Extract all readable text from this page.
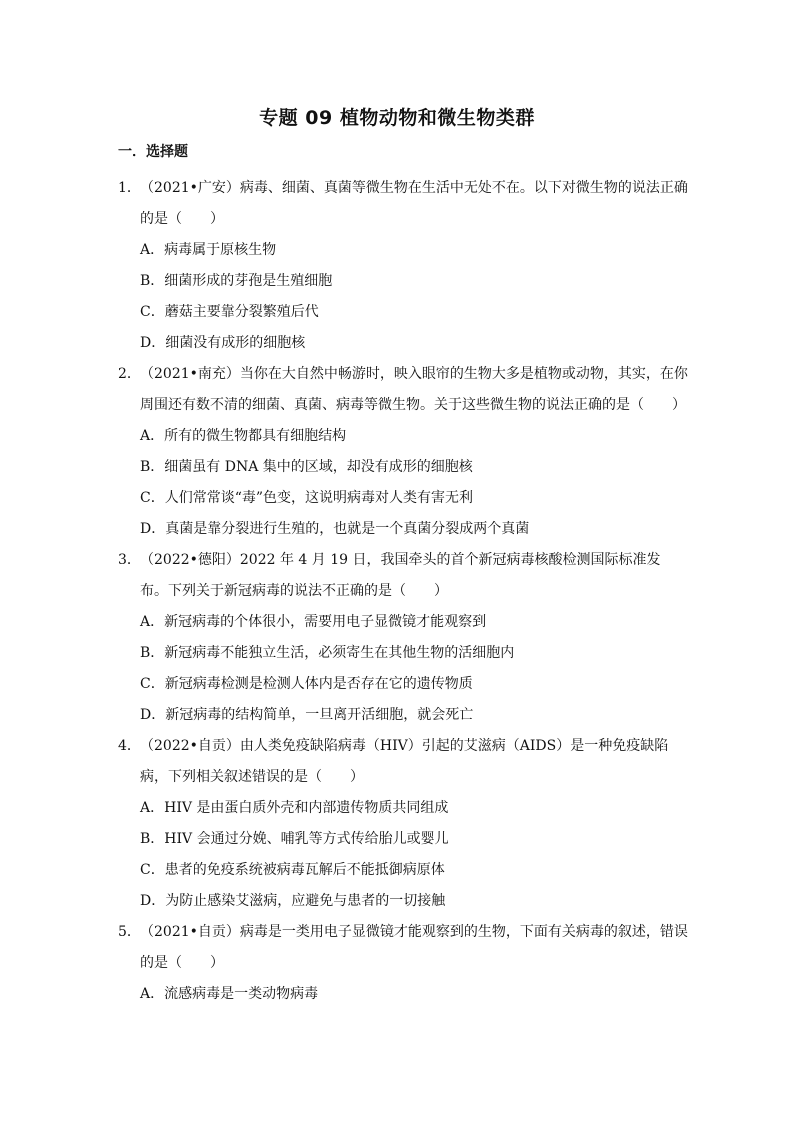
专题 09 植物动物和微生物类群
一．选择题
1． （2021•广安）病毒、细菌、真菌等微生物在生活中无处不在。以下对微生物的说法正确的是（　　）
A．病毒属于原核生物
B．细菌形成的芽孢是生殖细胞
C．蘑菇主要靠分裂繁殖后代
D．细菌没有成形的细胞核
2． （2021•南充）当你在大自然中畅游时，映入眼帘的生物大多是植物或动物，其实，在你周围还有数不清的细菌、真菌、病毒等微生物。关于这些微生物的说法正确的是（　　）
A．所有的微生物都具有细胞结构
B．细菌虽有 DNA 集中的区域，却没有成形的细胞核
C．人们常常谈“毒”色变，这说明病毒对人类有害无利
D．真菌是靠分裂进行生殖的，也就是一个真菌分裂成两个真菌
3． （2022•德阳）2022 年 4 月 19 日，我国牵头的首个新冠病毒核酸检测国际标准发布。下列关于新冠病毒的说法不正确的是（　　）
A．新冠病毒的个体很小，需要用电子显微镜才能观察到
B．新冠病毒不能独立生活，必须寄生在其他生物的活细胞内
C．新冠病毒检测是检测人体内是否存在它的遗传物质
D．新冠病毒的结构简单，一旦离开活细胞，就会死亡
4． （2022•自贡）由人类免疫缺陷病毒（HIV）引起的艾滋病（AIDS）是一种免疫缺陷病，下列相关叙述错误的是（　　）
A．HIV 是由蛋白质外壳和内部遗传物质共同组成
B．HIV 会通过分娩、哺乳等方式传给胎儿或婴儿
C．患者的免疫系统被病毒瓦解后不能抵御病原体
D．为防止感染艾滋病，应避免与患者的一切接触
5． （2021•自贡）病毒是一类用电子显微镜才能观察到的生物，下面有关病毒的叙述，错误的是（　　）
A．流感病毒是一类动物病毒
